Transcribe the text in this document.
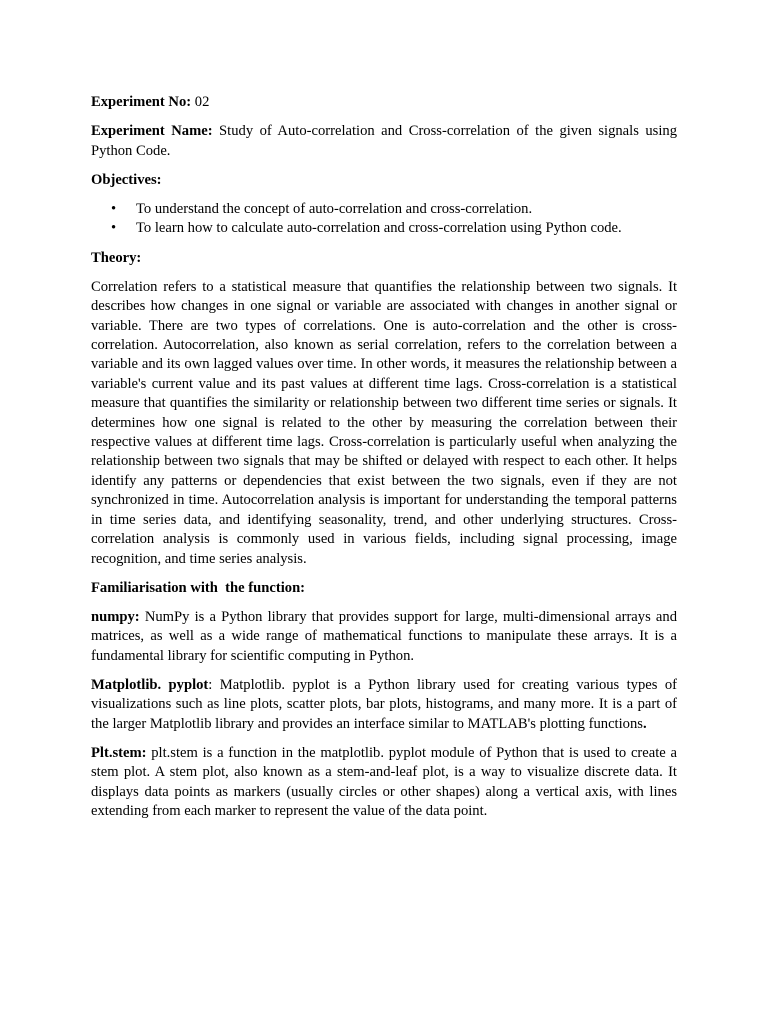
Experiment No: 02

Experiment Name: Study of Auto-correlation and Cross-correlation of the given signals using Python Code.

Objectives:

• To understand the concept of auto-correlation and cross-correlation.
• To learn how to calculate auto-correlation and cross-correlation using Python code.

Theory:

Correlation refers to a statistical measure that quantifies the relationship between two signals. It describes how changes in one signal or variable are associated with changes in another signal or variable. There are two types of correlations. One is auto-correlation and the other is cross-correlation. Autocorrelation, also known as serial correlation, refers to the correlation between a variable and its own lagged values over time. In other words, it measures the relationship between a variable's current value and its past values at different time lags. Cross-correlation is a statistical measure that quantifies the similarity or relationship between two different time series or signals. It determines how one signal is related to the other by measuring the correlation between their respective values at different time lags. Cross-correlation is particularly useful when analyzing the relationship between two signals that may be shifted or delayed with respect to each other. It helps identify any patterns or dependencies that exist between the two signals, even if they are not synchronized in time. Autocorrelation analysis is important for understanding the temporal patterns in time series data, and identifying seasonality, trend, and other underlying structures. Cross-correlation analysis is commonly used in various fields, including signal processing, image recognition, and time series analysis.

Familiarisation with  the function:

numpy: NumPy is a Python library that provides support for large, multi-dimensional arrays and matrices, as well as a wide range of mathematical functions to manipulate these arrays. It is a fundamental library for scientific computing in Python.

Matplotlib. pyplot: Matplotlib. pyplot is a Python library used for creating various types of visualizations such as line plots, scatter plots, bar plots, histograms, and many more. It is a part of the larger Matplotlib library and provides an interface similar to MATLAB's plotting functions.

Plt.stem: plt.stem is a function in the matplotlib. pyplot module of Python that is used to create a stem plot. A stem plot, also known as a stem-and-leaf plot, is a way to visualize discrete data. It displays data points as markers (usually circles or other shapes) along a vertical axis, with lines extending from each marker to represent the value of the data point.
